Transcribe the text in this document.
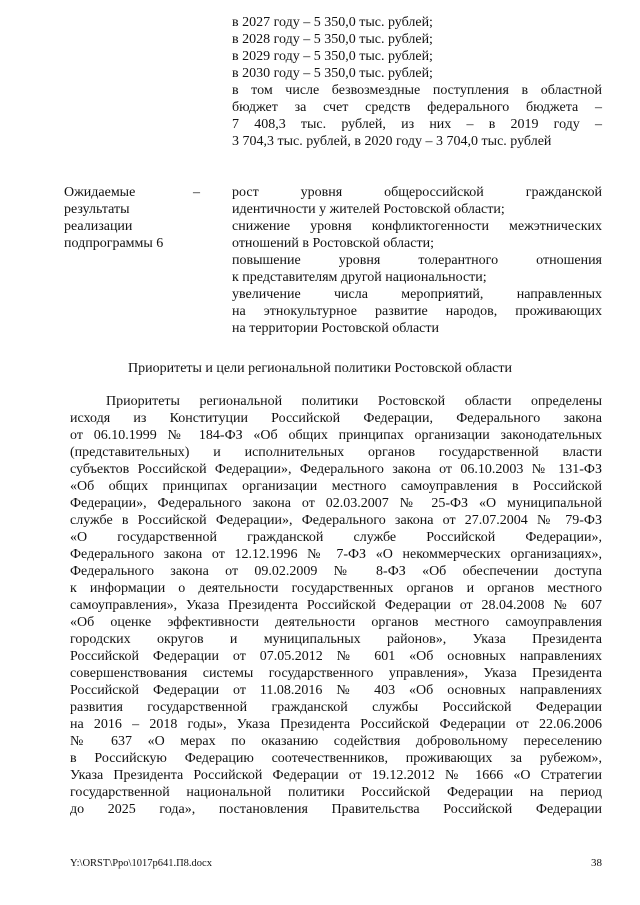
в 2027 году – 5 350,0 тыс. рублей;
в 2028 году – 5 350,0 тыс. рублей;
в 2029 году – 5 350,0 тыс. рублей;
в 2030 году – 5 350,0 тыс. рублей;
в том числе безвозмездные поступления в областной
бюджет за счет средств федерального бюджета –
7 408,3 тыс. рублей, из них – в 2019 году –
3 704,3 тыс. рублей, в 2020 году – 3 704,0 тыс. рублей
Ожидаемые	–
результаты
реализации
подпрограммы 6
рост уровня общероссийской гражданской
идентичности у жителей Ростовской области;
снижение уровня конфликтогенности межэтнических
отношений в Ростовской области;
повышение уровня толерантного отношения
к представителям другой национальности;
увеличение числа мероприятий, направленных
на этнокультурное развитие народов, проживающих
на территории Ростовской области
Приоритеты и цели региональной политики Ростовской области
Приоритеты региональной политики Ростовской области определены
исходя из Конституции Российской Федерации, Федерального закона
от 06.10.1999 № 184-ФЗ «Об общих принципах организации законодательных
(представительных) и исполнительных органов государственной власти
субъектов Российской Федерации», Федерального закона от 06.10.2003 № 131-ФЗ
«Об общих принципах организации местного самоуправления в Российской
Федерации», Федерального закона от 02.03.2007 № 25-ФЗ «О муниципальной
службе в Российской Федерации», Федерального закона от 27.07.2004 № 79-ФЗ
«О государственной гражданской службе Российской Федерации»,
Федерального закона от 12.12.1996 № 7-ФЗ «О некоммерческих организациях»,
Федерального закона от 09.02.2009 № 8-ФЗ «Об обеспечении доступа
к информации о деятельности государственных органов и органов местного
самоуправления», Указа Президента Российской Федерации от 28.04.2008 № 607
«Об оценке эффективности деятельности органов местного самоуправления
городских округов и муниципальных районов», Указа Президента
Российской Федерации от 07.05.2012 № 601 «Об основных направлениях
совершенствования системы государственного управления», Указа Президента
Российской Федерации от 11.08.2016 № 403 «Об основных направлениях
развития государственной гражданской службы Российской Федерации
на 2016 – 2018 годы», Указа Президента Российской Федерации от 22.06.2006
№ 637 «О мерах по оказанию содействия добровольному переселению
в Российскую Федерацию соотечественников, проживающих за рубежом»,
Указа Президента Российской Федерации от 19.12.2012 № 1666 «О Стратегии
государственной национальной политики Российской Федерации на период
до 2025 года», постановления Правительства Российской Федерации
Y:\ORST\Ppo\1017p641.П8.docx	38
